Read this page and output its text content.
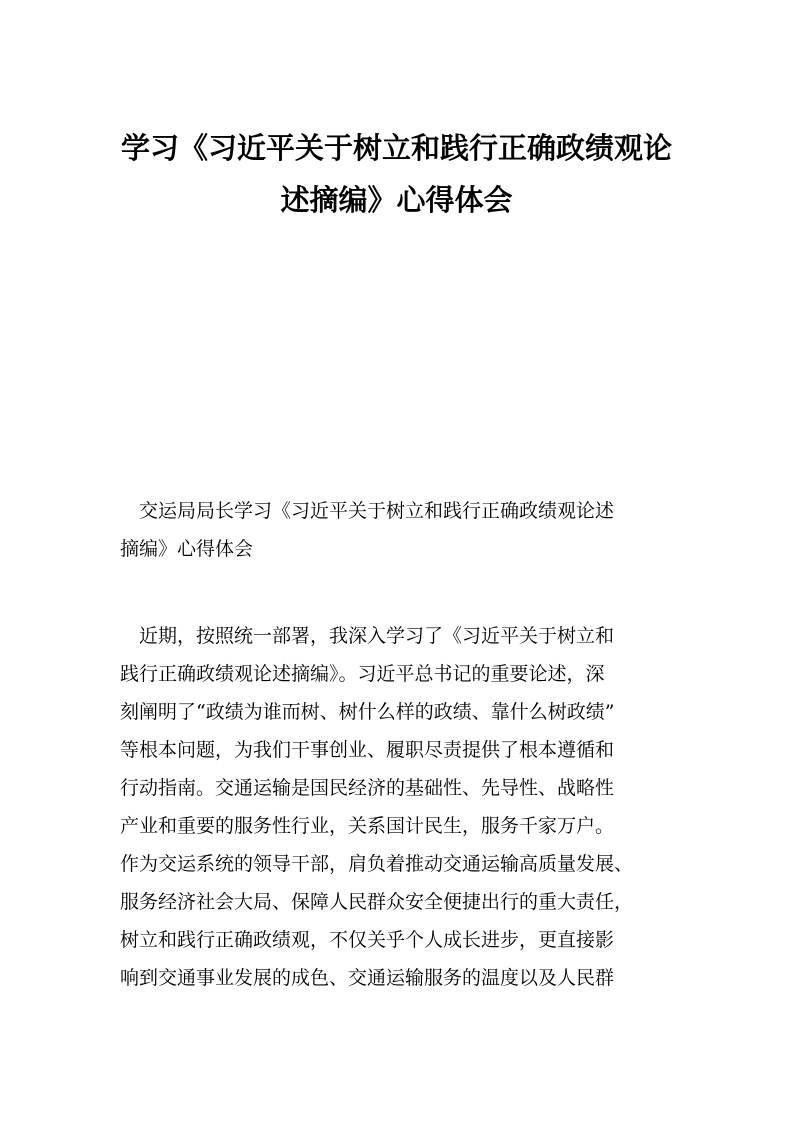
学习《习近平关于树立和践行正确政绩观论
述摘编》心得体会

　交运局局长学习《习近平关于树立和践行正确政绩观论述
摘编》心得体会

　近期，按照统一部署，我深入学习了《习近平关于树立和
践行正确政绩观论述摘编》。习近平总书记的重要论述，深
刻阐明了“政绩为谁而树、树什么样的政绩、靠什么树政绩”
等根本问题，为我们干事创业、履职尽责提供了根本遵循和
行动指南。交通运输是国民经济的基础性、先导性、战略性
产业和重要的服务性行业，关系国计民生，服务千家万户。
作为交运系统的领导干部，肩负着推动交通运输高质量发展、
服务经济社会大局、保障人民群众安全便捷出行的重大责任，
树立和践行正确政绩观，不仅关乎个人成长进步，更直接影
响到交通事业发展的成色、交通运输服务的温度以及人民群
